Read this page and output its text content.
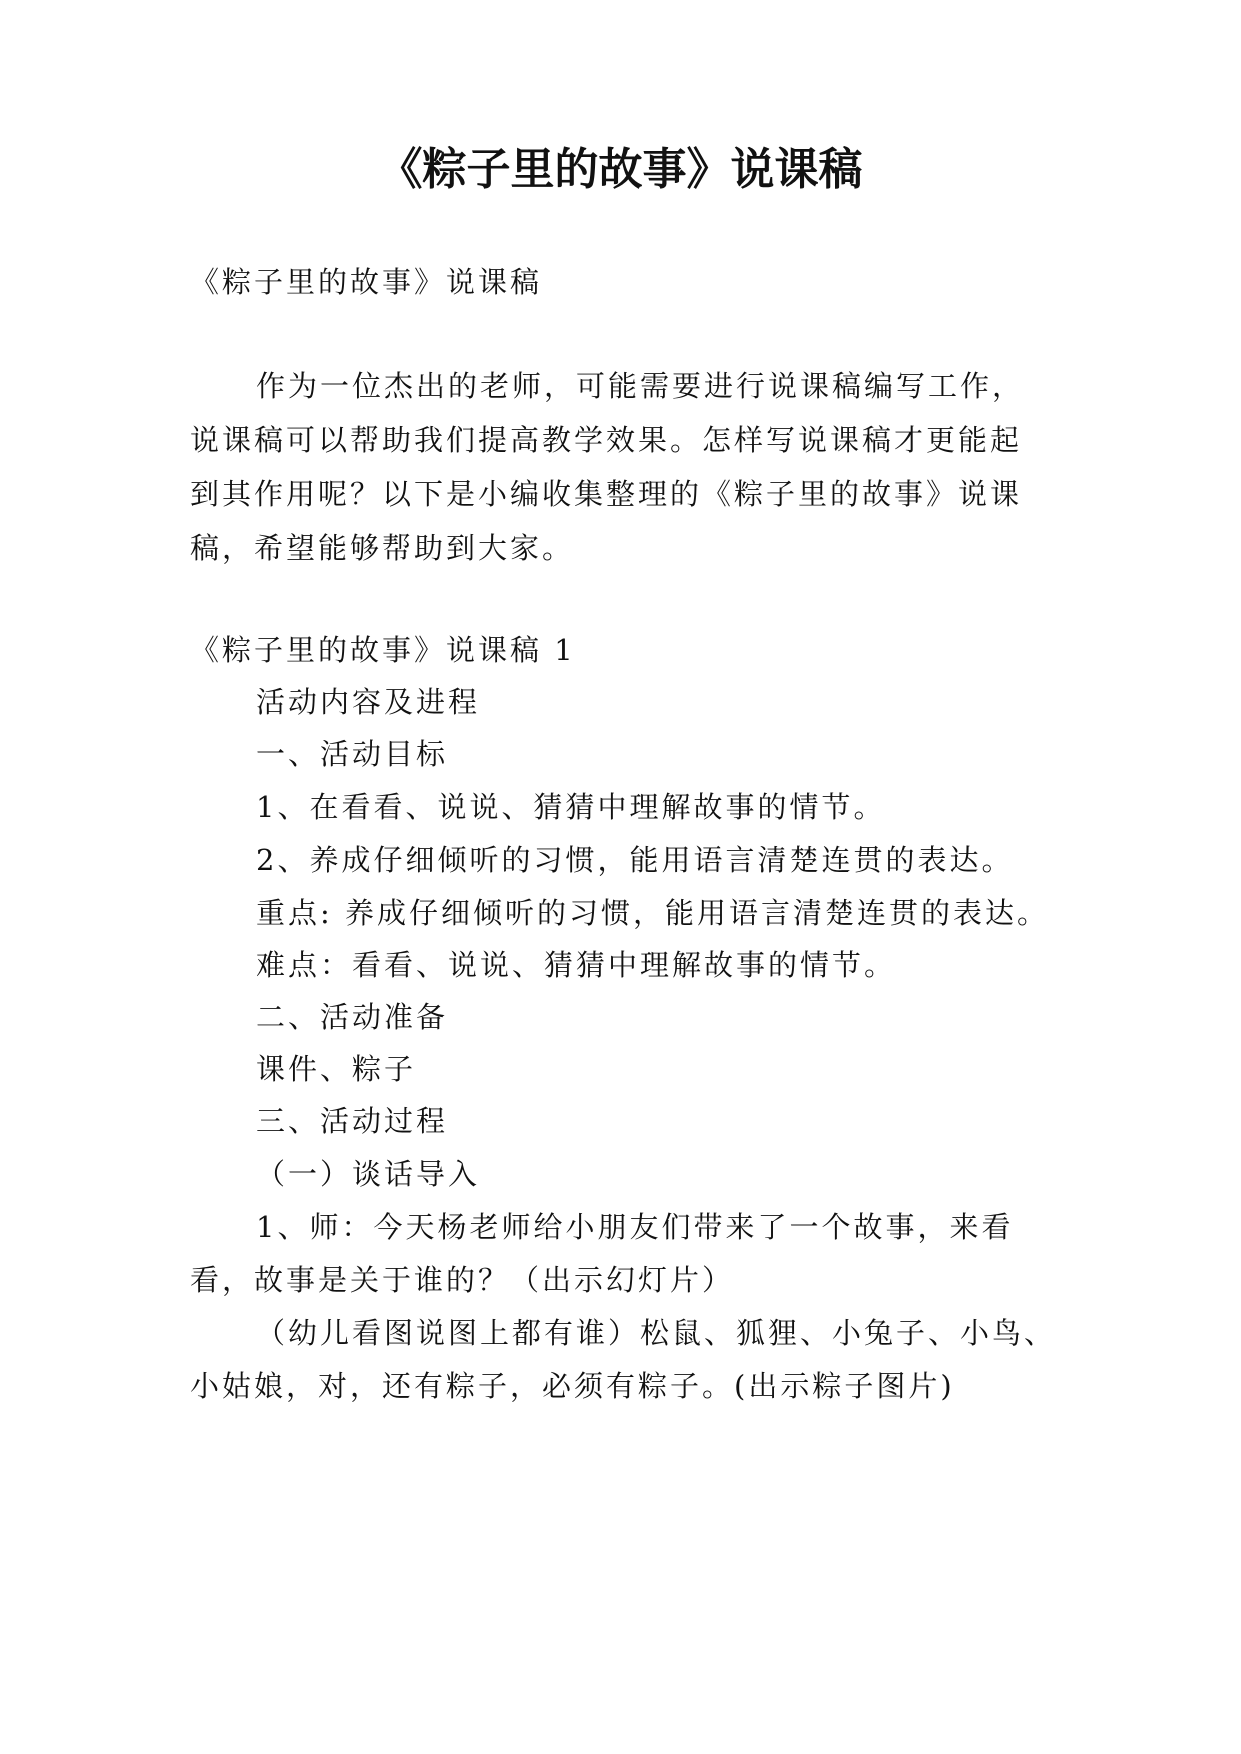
《粽子里的故事》说课稿
《粽子里的故事》说课稿
作为一位杰出的老师，可能需要进行说课稿编写工作，
说课稿可以帮助我们提高教学效果。怎样写说课稿才更能起
到其作用呢？以下是小编收集整理的《粽子里的故事》说课
稿，希望能够帮助到大家。
《粽子里的故事》说课稿 1
活动内容及进程
一、活动目标
1、在看看、说说、猜猜中理解故事的情节。
2、养成仔细倾听的习惯，能用语言清楚连贯的表达。
重点: 养成仔细倾听的习惯，能用语言清楚连贯的表达。
难点：看看、说说、猜猜中理解故事的情节。
二、活动准备
课件、粽子
三、活动过程
（一）谈话导入
1、师：今天杨老师给小朋友们带来了一个故事，来看
看，故事是关于谁的？（出示幻灯片）
（幼儿看图说图上都有谁）松鼠、狐狸、小兔子、小鸟、
小姑娘，对，还有粽子，必须有粽子。(出示粽子图片)
